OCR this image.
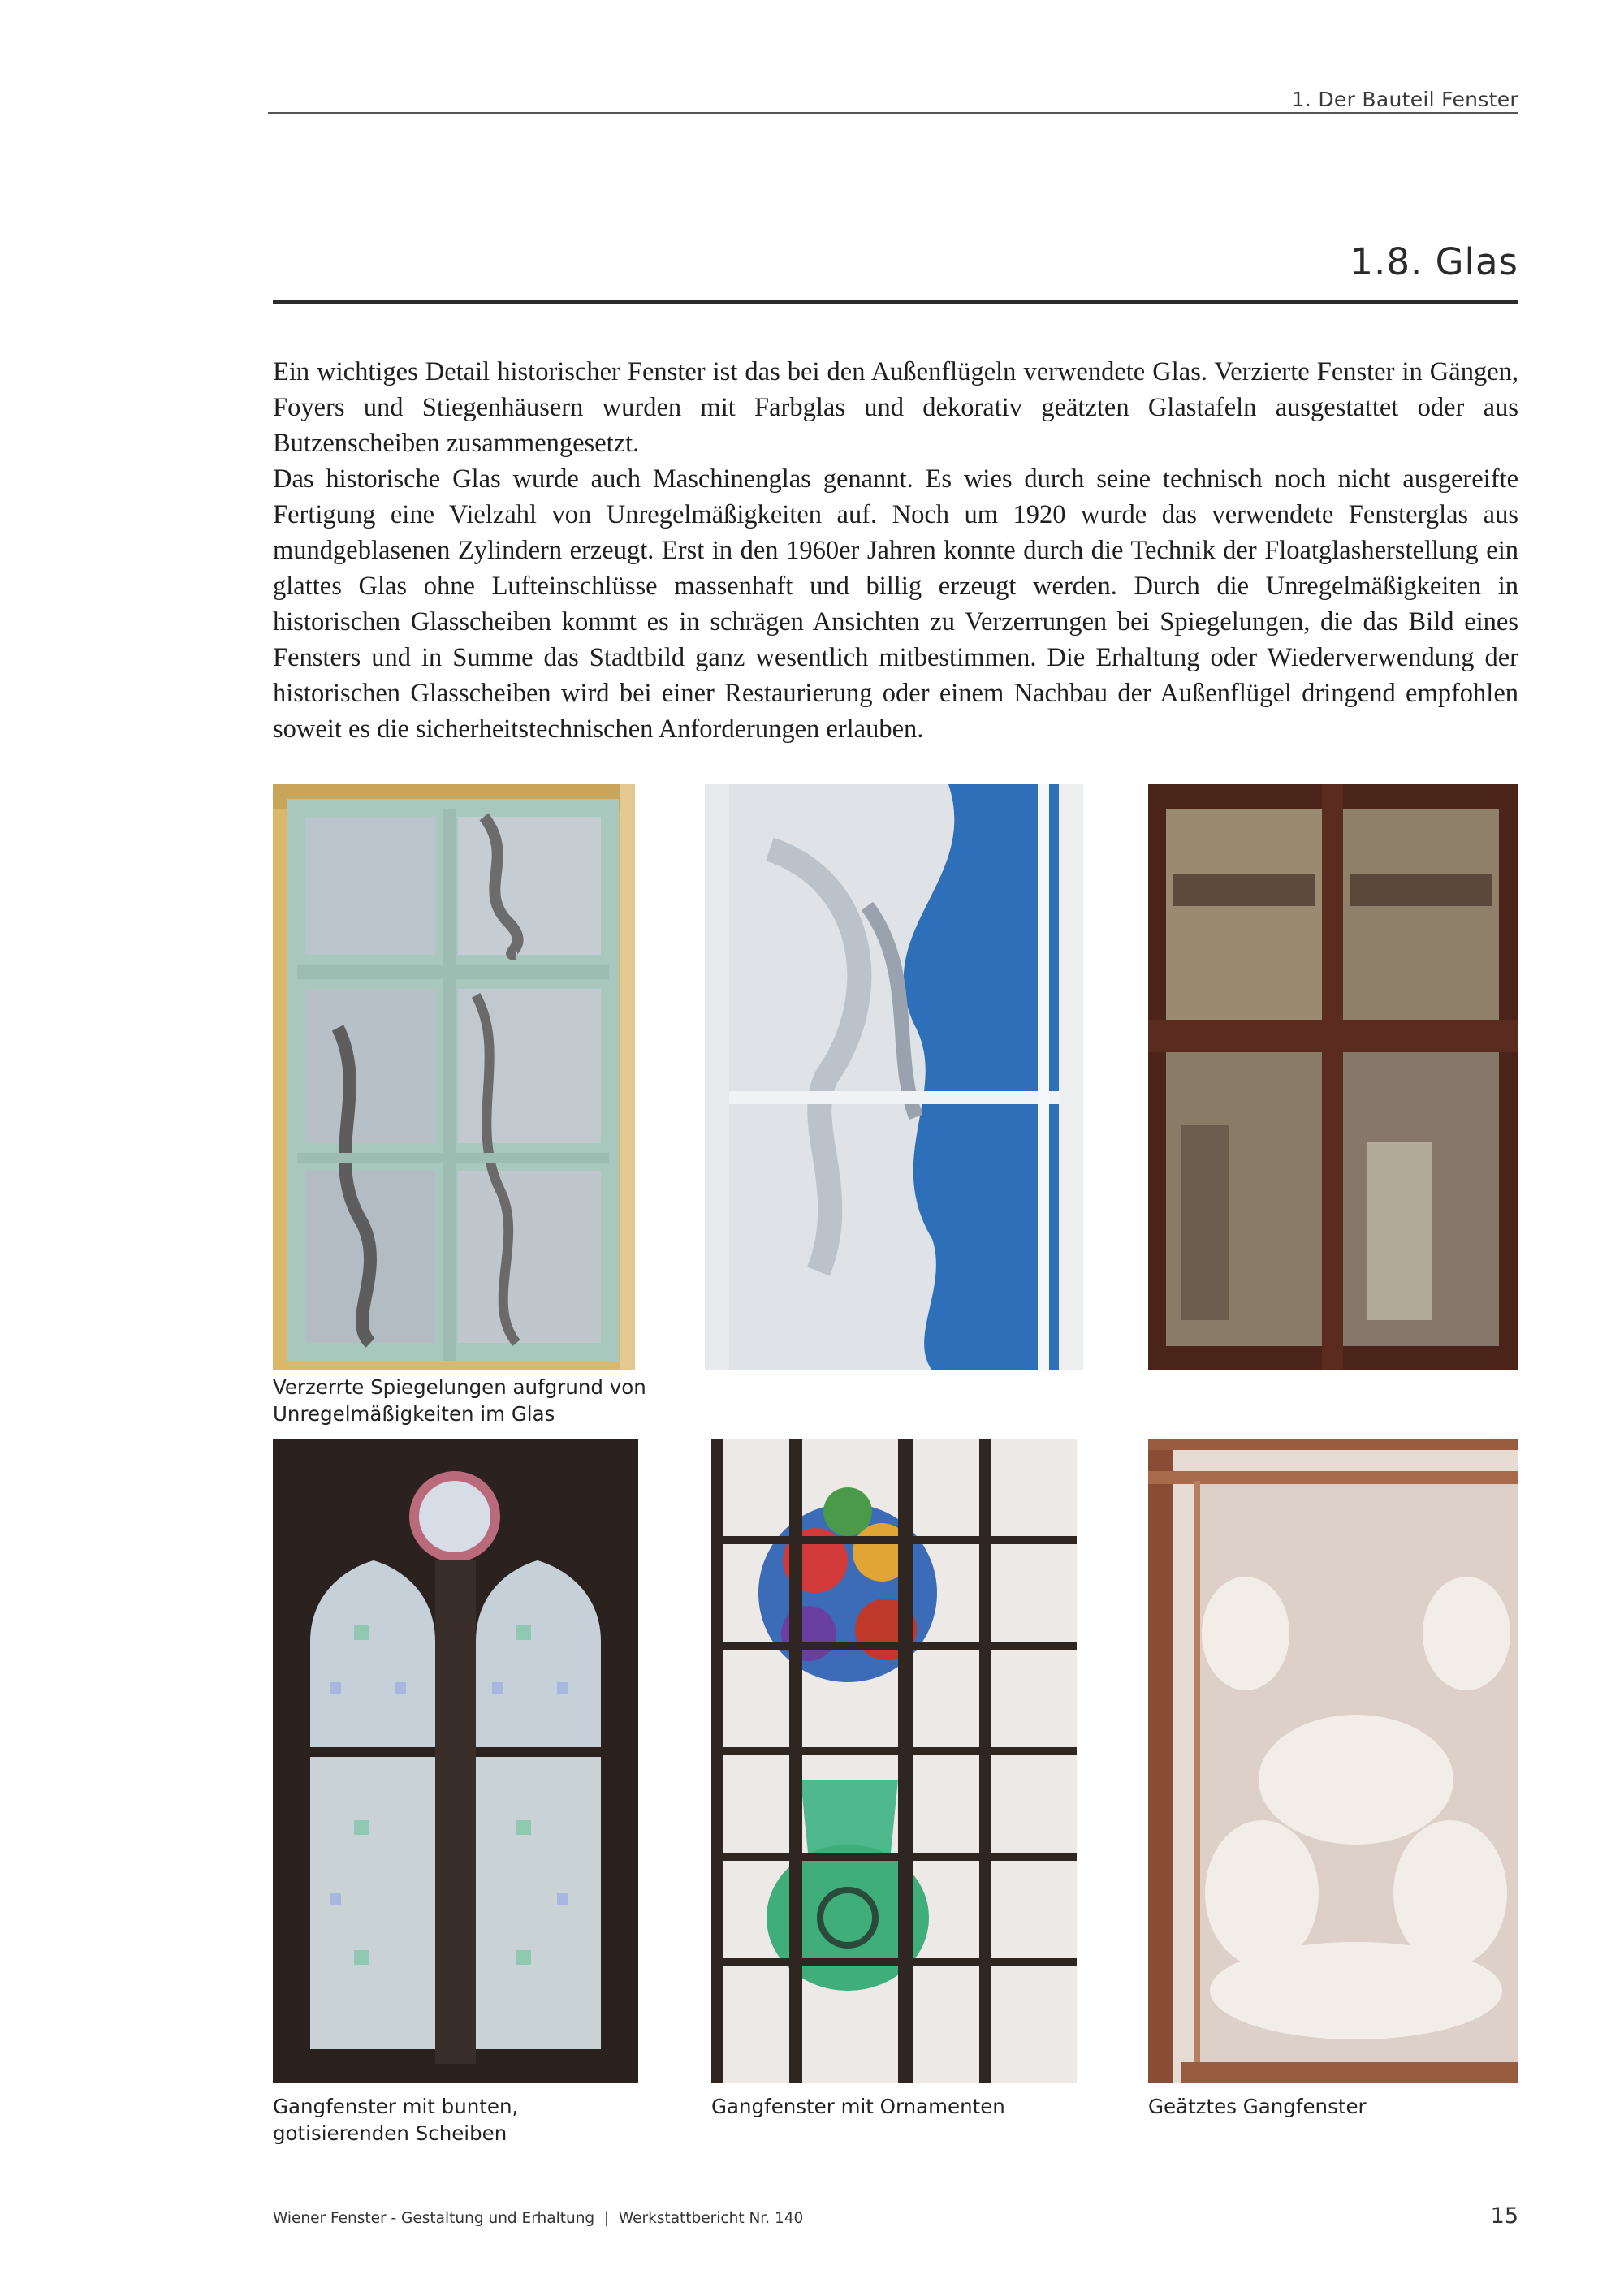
1. Der Bauteil Fenster
1.8. Glas

Ein wichtiges Detail historischer Fenster ist das bei den Außenflügeln verwendete Glas. Verzierte Fenster in Gängen, Foyers und Stiegenhäusern wurden mit Farbglas und dekorativ geätzten Glastafeln ausgestattet oder aus Butzenscheiben zusammengesetzt.

Das historische Glas wurde auch Maschinenglas genannt. Es wies durch seine technisch noch nicht ausgereifte Fertigung eine Vielzahl von Unregelmäßigkeiten auf. Noch um 1920 wurde das verwendete Fensterglas aus mundgeblasenen Zylindern erzeugt. Erst in den 1960er Jahren konnte durch die Technik der Floatglasherstellung ein glattes Glas ohne Lufteinschlüsse massenhaft und billig erzeugt werden. Durch die Unregelmäßigkeiten in historischen Glasscheiben kommt es in schrägen Ansichten zu Verzerrungen bei Spiegelungen, die das Bild eines Fensters und in Summe das Stadtbild ganz wesentlich mitbestimmen. Die Erhaltung oder Wiederverwendung der historischen Glasscheiben wird bei einer Restaurierung oder einem Nachbau der Außenflügel dringend empfohlen soweit es die sicherheitstechnischen Anforderungen erlauben.

Verzerrte Spiegelungen aufgrund von Unregelmäßigkeiten im Glas
Gangfenster mit bunten, gotisierenden Scheiben
Gangfenster mit Ornamenten	Geätztes Gangfenster
Wiener Fenster - Gestaltung und Erhaltung  |  Werkstattbericht Nr. 140	15
